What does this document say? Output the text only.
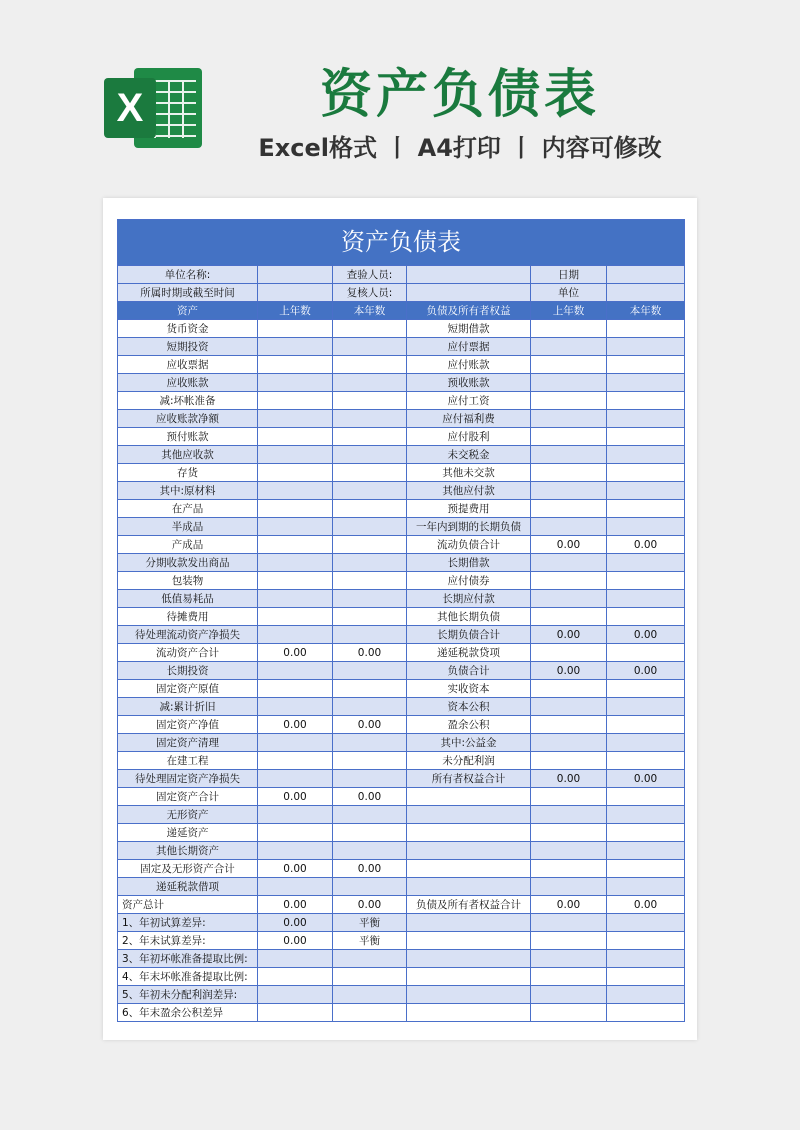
X	资产负债表
Excel格式 丨 A4打印 丨 内容可修改
资产负债表					
单位名称:		查验人员:		日期	
所属时期或截至时间		复核人员:		单位	
资产	上年数	本年数	负债及所有者权益	上年数	本年数
货币资金			短期借款		
短期投资			应付票据		
应收票据			应付账款		
应收账款			预收账款		
减:坏帐准备			应付工资		
应收账款净额			应付福利费		
预付账款			应付股利		
其他应收款			未交税金		
存货			其他未交款		
其中:原材料			其他应付款		
在产品			预提费用		
半成品			一年内到期的长期负债		
产成品			流动负债合计	0.00	0.00
分期收款发出商品			长期借款		
包装物			应付债券		
低值易耗品			长期应付款		
待摊费用			其他长期负债		
待处理流动资产净损失			长期负债合计	0.00	0.00
流动资产合计	0.00	0.00	递延税款贷项		
长期投资			负债合计	0.00	0.00
固定资产原值			实收资本		
减:累计折旧			资本公积		
固定资产净值	0.00	0.00	盈余公积		
固定资产清理			其中:公益金		
在建工程			未分配利润		
待处理固定资产净损失			所有者权益合计	0.00	0.00
固定资产合计	0.00	0.00			
无形资产					
递延资产					
其他长期资产					
固定及无形资产合计	0.00	0.00			
递延税款借项					
资产总计	0.00	0.00	负债及所有者权益合计	0.00	0.00
1、年初试算差异:	0.00	平衡			
2、年末试算差异:	0.00	平衡			
3、年初坏帐准备提取比例:					
4、年末坏帐准备提取比例:					
5、年初未分配利润差异:					
6、年末盈余公积差异					
